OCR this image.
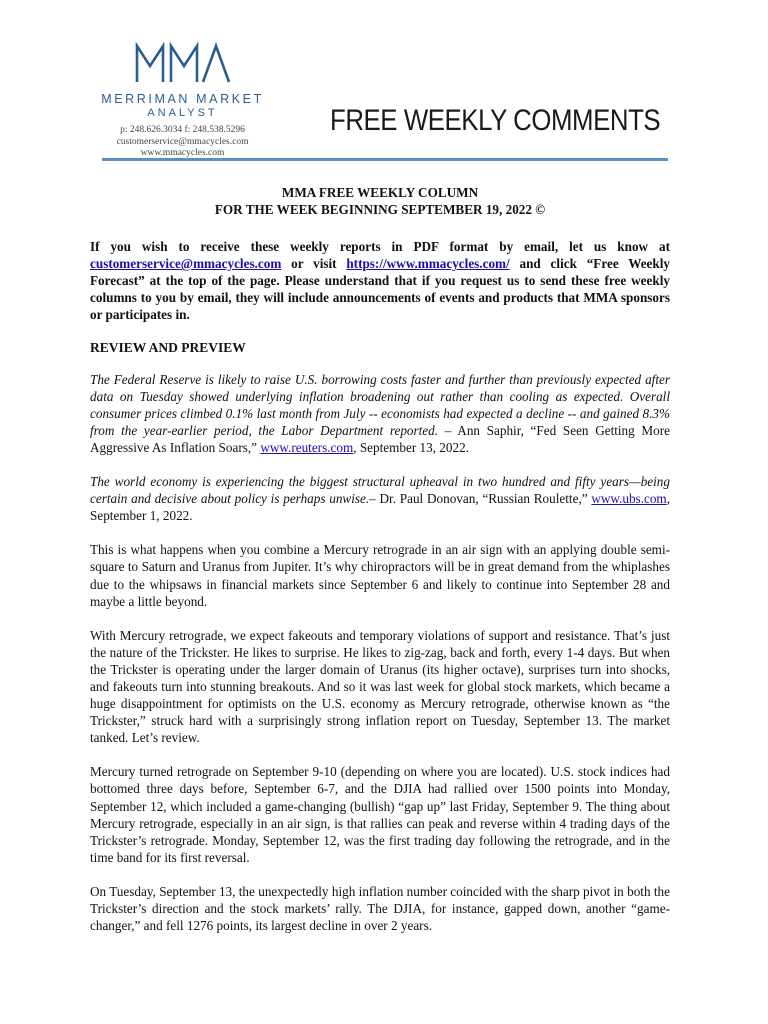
MMA
MERRIMAN MARKET
ANALYST
p: 248.626.3034 f: 248.538.5296
customerservice@mmacycles.com
www.mmacycles.com
FREE WEEKLY COMMENTS
MMA FREE WEEKLY COLUMN
FOR THE WEEK BEGINNING SEPTEMBER 19, 2022 ©

If you wish to receive these weekly reports in PDF format by email, let us know at customerservice@mmacycles.com or visit https://www.mmacycles.com/ and click “Free Weekly Forecast” at the top of the page. Please understand that if you request us to send these free weekly columns to you by email, they will include announcements of events and products that MMA sponsors or participates in.

REVIEW AND PREVIEW

The Federal Reserve is likely to raise U.S. borrowing costs faster and further than previously expected after data on Tuesday showed underlying inflation broadening out rather than cooling as expected. Overall consumer prices climbed 0.1% last month from July -- economists had expected a decline -- and gained 8.3% from the year-earlier period, the Labor Department reported. – Ann Saphir, “Fed Seen Getting More Aggressive As Inflation Soars,” www.reuters.com, September 13, 2022.

The world economy is experiencing the biggest structural upheaval in two hundred and fifty years—being certain and decisive about policy is perhaps unwise.– Dr. Paul Donovan, “Russian Roulette,” www.ubs.com, September 1, 2022.

This is what happens when you combine a Mercury retrograde in an air sign with an applying double semi-square to Saturn and Uranus from Jupiter. It’s why chiropractors will be in great demand from the whiplashes due to the whipsaws in financial markets since September 6 and likely to continue into September 28 and maybe a little beyond.

With Mercury retrograde, we expect fakeouts and temporary violations of support and resistance. That’s just the nature of the Trickster. He likes to surprise. He likes to zig-zag, back and forth, every 1-4 days. But when the Trickster is operating under the larger domain of Uranus (its higher octave), surprises turn into shocks, and fakeouts turn into stunning breakouts. And so it was last week for global stock markets, which became a huge disappointment for optimists on the U.S. economy as Mercury retrograde, otherwise known as “the Trickster,” struck hard with a surprisingly strong inflation report on Tuesday, September 13. The market tanked. Let’s review.

Mercury turned retrograde on September 9-10 (depending on where you are located). U.S. stock indices had bottomed three days before, September 6-7, and the DJIA had rallied over 1500 points into Monday, September 12, which included a game-changing (bullish) “gap up” last Friday, September 9. The thing about Mercury retrograde, especially in an air sign, is that rallies can peak and reverse within 4 trading days of the Trickster’s retrograde. Monday, September 12, was the first trading day following the retrograde, and in the time band for its first reversal.

On Tuesday, September 13, the unexpectedly high inflation number coincided with the sharp pivot in both the Trickster’s direction and the stock markets’ rally. The DJIA, for instance, gapped down, another “game-changer,” and fell 1276 points, its largest decline in over 2 years.
